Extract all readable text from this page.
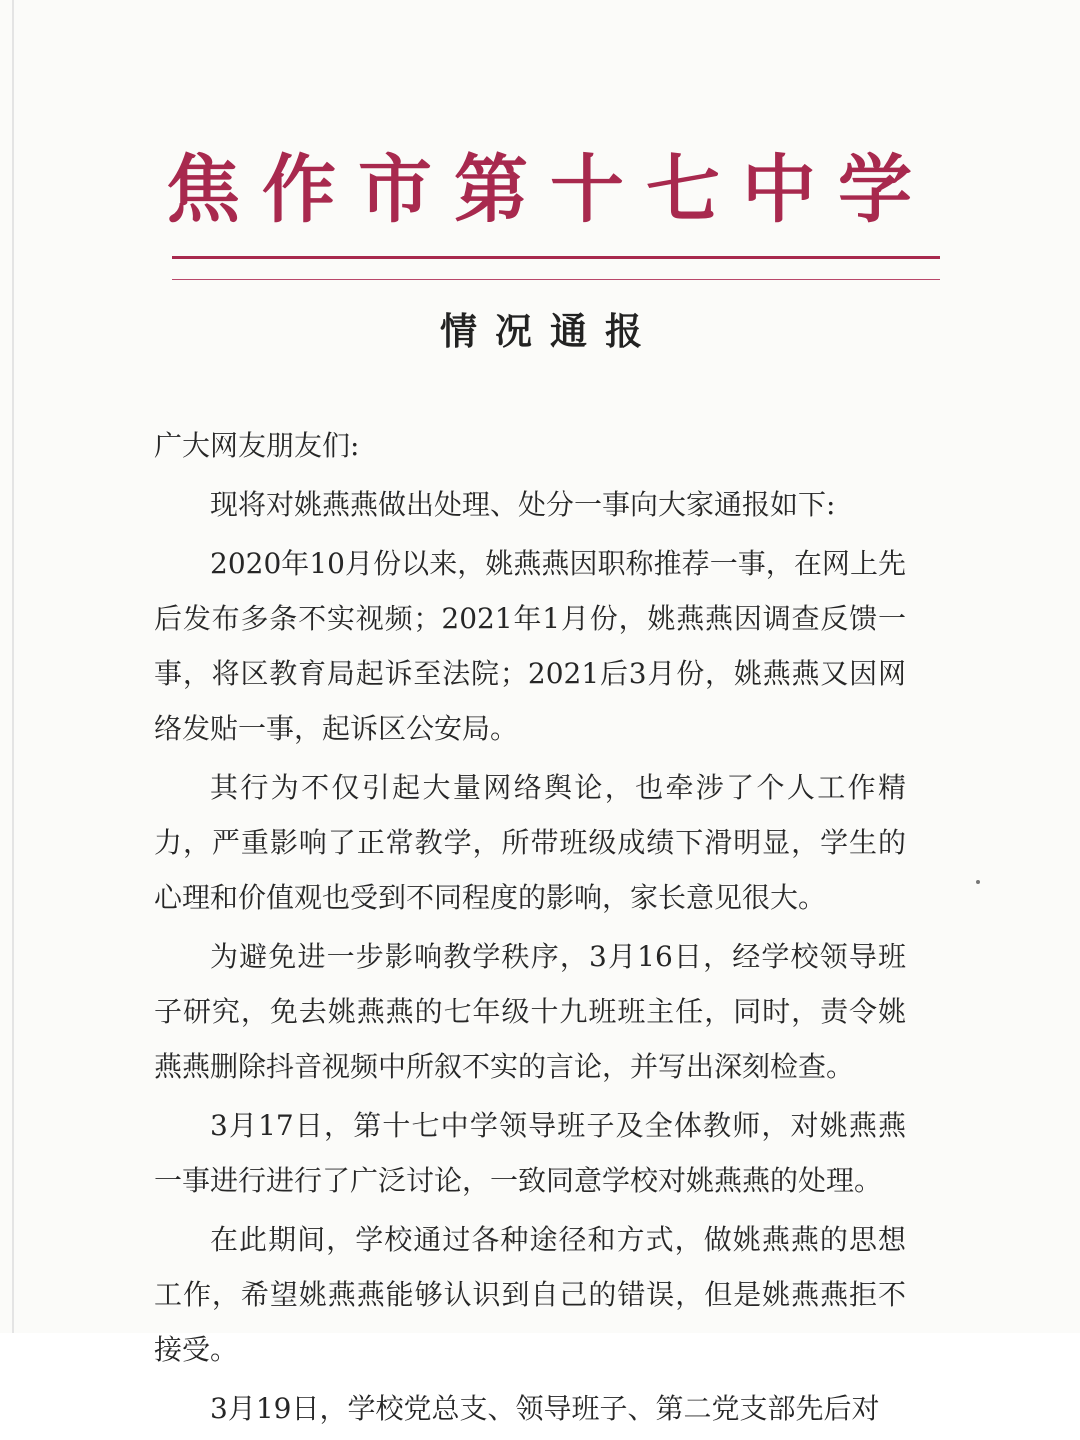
焦作市第十七中学
情况通报

广大网友朋友们:

现将对姚燕燕做出处理、处分一事向大家通报如下:

2020年10月份以来，姚燕燕因职称推荐一事，在网上先后发布多条不实视频；2021年1月份，姚燕燕因调查反馈一事，将区教育局起诉至法院；2021后3月份，姚燕燕又因网络发贴一事，起诉区公安局。

其行为不仅引起大量网络舆论，也牵涉了个人工作精力，严重影响了正常教学，所带班级成绩下滑明显，学生的心理和价值观也受到不同程度的影响，家长意见很大。

为避免进一步影响教学秩序，3月16日，经学校领导班子研究，免去姚燕燕的七年级十九班班主任，同时，责令姚燕燕删除抖音视频中所叙不实的言论，并写出深刻检查。

3月17日，第十七中学领导班子及全体教师，对姚燕燕一事进行进行了广泛讨论，一致同意学校对姚燕燕的处理。

在此期间，学校通过各种途径和方式，做姚燕燕的思想工作，希望姚燕燕能够认识到自己的错误，但是姚燕燕拒不接受。

3月19日，学校党总支、领导班子、第二党支部先后对
